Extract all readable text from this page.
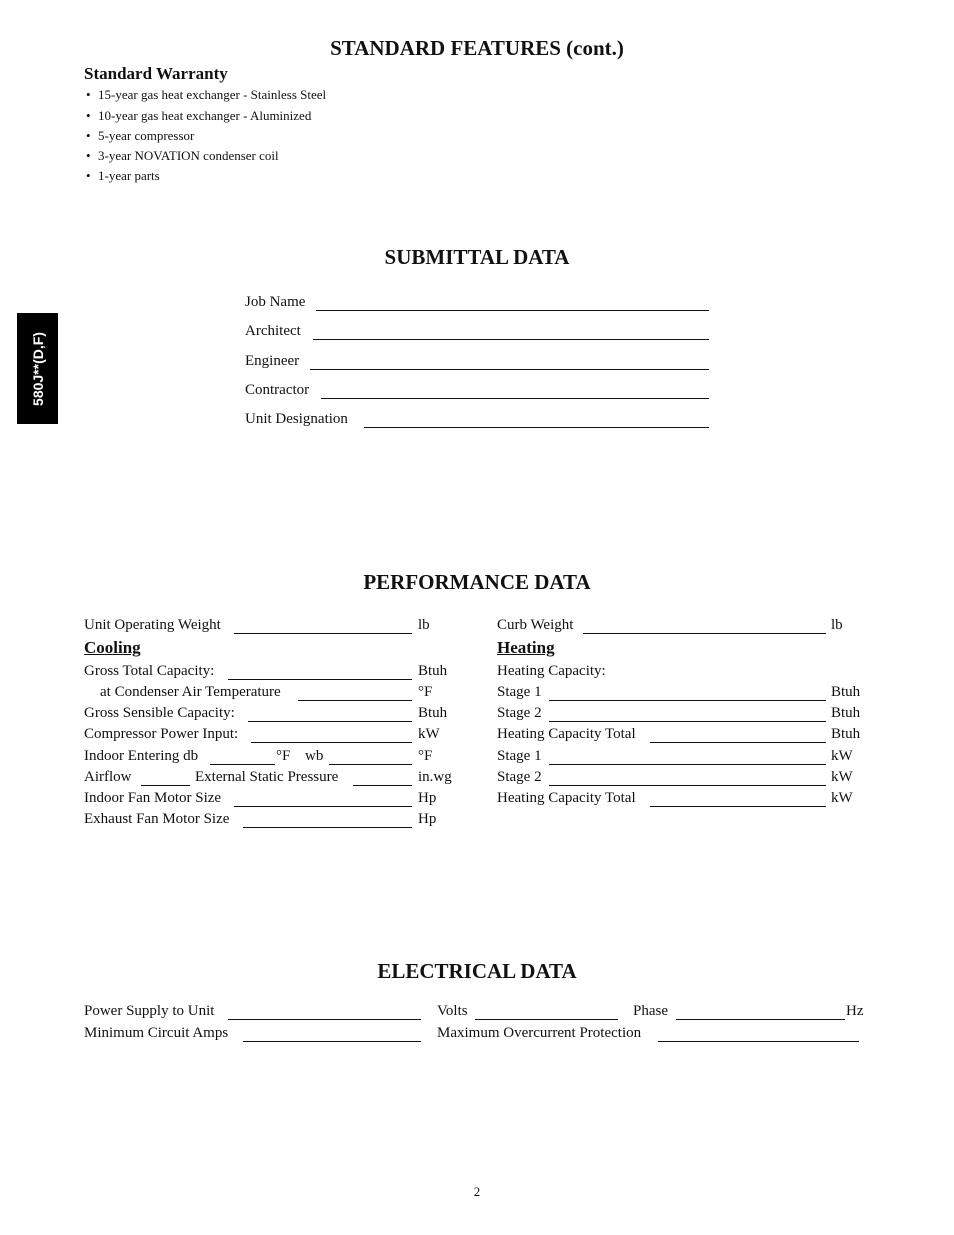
580J**(D,F)
STANDARD FEATURES (cont.)
Standard Warranty
• 15-year gas heat exchanger - Stainless Steel
• 10-year gas heat exchanger - Aluminized
• 5-year compressor
• 3-year NOVATION condenser coil
• 1-year parts
SUBMITTAL DATA
Job Name
Architect
Engineer
Contractor
Unit Designation
PERFORMANCE DATA
Unit Operating Weight	lb
Cooling
Gross Total Capacity:	Btuh
at Condenser Air Temperature	°F
Gross Sensible Capacity:	Btuh
Compressor Power Input:	kW
Indoor Entering db	°F wb	°F
Airflow	External Static Pressure	in.wg
Indoor Fan Motor Size	Hp
Exhaust Fan Motor Size	Hp
Curb Weight	lb
Heating
Heating Capacity:
Stage 1	Btuh
Stage 2	Btuh
Heating Capacity Total	Btuh
Stage 1	kW
Stage 2	kW
Heating Capacity Total	kW
ELECTRICAL DATA
Power Supply to Unit	Volts	Phase	Hz
Minimum Circuit Amps	Maximum Overcurrent Protection
2
